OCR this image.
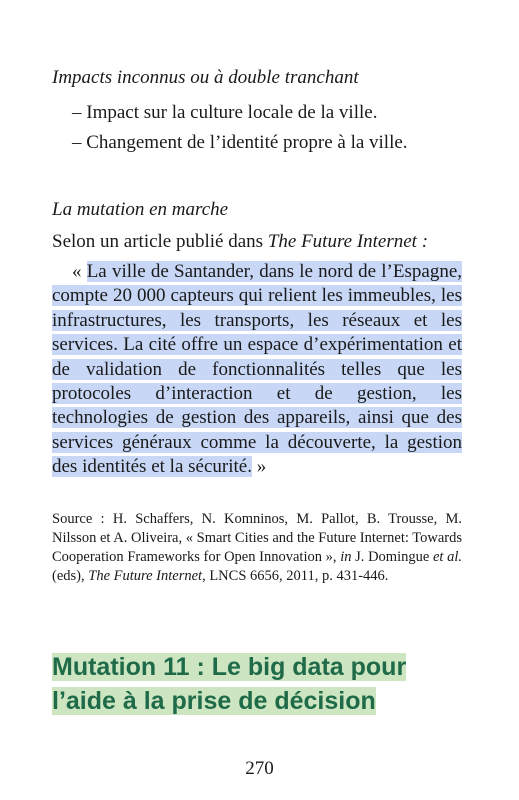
Impacts inconnus ou à double tranchant
– Impact sur la culture locale de la ville.
– Changement de l’identité propre à la ville.
La mutation en marche
Selon un article publié dans The Future Internet :

« La ville de Santander, dans le nord de l’Espagne, compte 20 000 capteurs qui relient les immeubles, les infrastructures, les transports, les réseaux et les services. La cité offre un espace d’expérimentation et de validation de fonctionnalités telles que les protocoles d’interaction et de gestion, les technologies de gestion des appareils, ainsi que des services généraux comme la découverte, la gestion des identités et la sécurité. »

Source : H. Schaffers, N. Komninos, M. Pallot, B. Trousse, M. Nilsson et A. Oliveira, « Smart Cities and the Future Internet: Towards Cooperation Frameworks for Open Innovation », in J. Domingue et al. (eds), The Future Internet, LNCS 6656, 2011, p. 431-446.

Mutation 11 : Le big data pour
l’aide à la prise de décision
270
